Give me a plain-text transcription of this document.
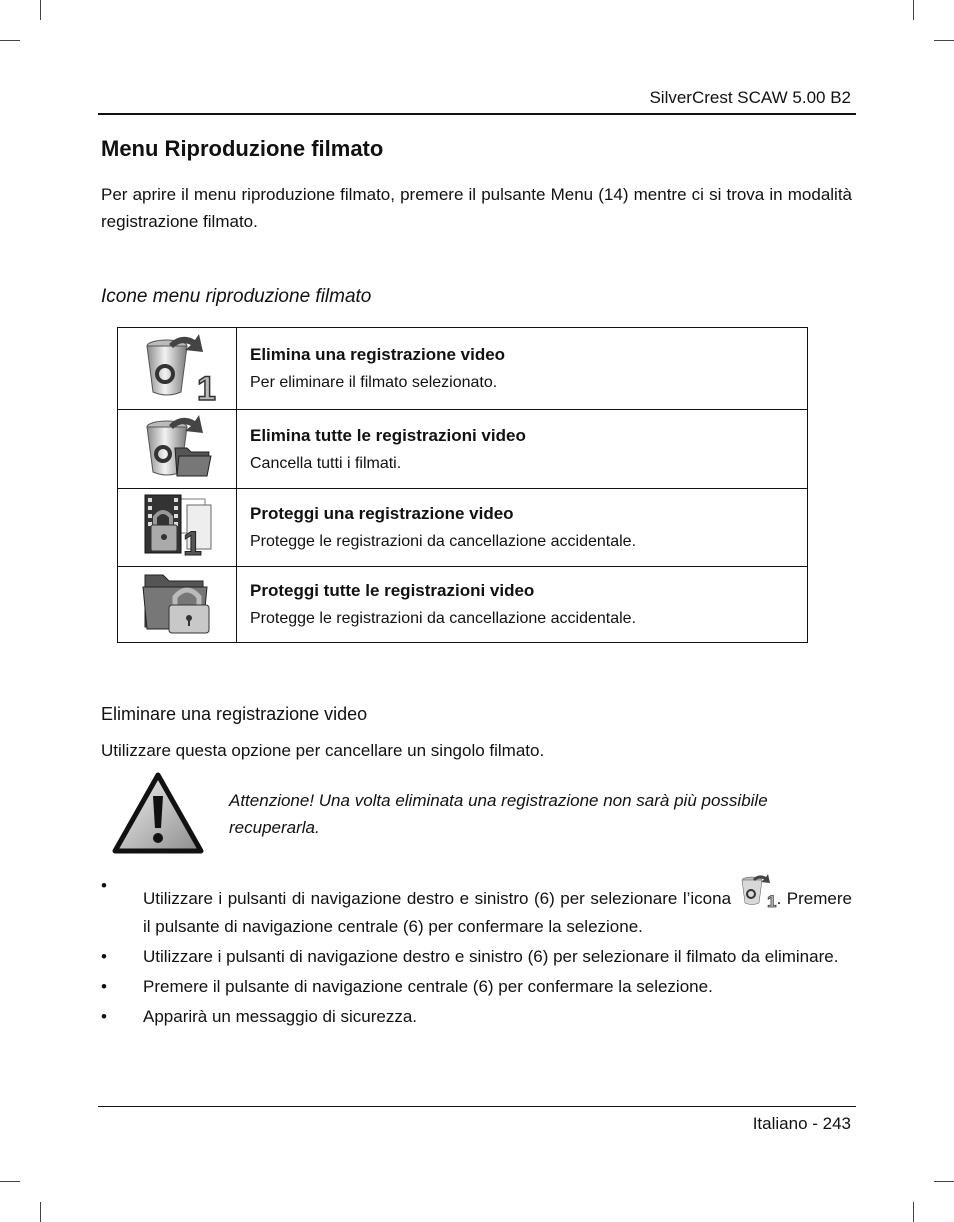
SilverCrest SCAW 5.00 B2
Menu Riproduzione filmato
Per aprire il menu riproduzione filmato, premere il pulsante Menu (14) mentre ci si trova in modalità registrazione filmato.
Icone menu riproduzione filmato
1	Elimina una registrazione video
Per eliminare il filmato selezionato.

Elimina tutte le registrazioni video
Cancella tutti i filmati.

1	Proteggi una registrazione video
Protegge le registrazioni da cancellazione accidentale.

Proteggi tutte le registrazioni video
Protegge le registrazioni da cancellazione accidentale.
Eliminare una registrazione video
Utilizzare questa opzione per cancellare un singolo filmato.
Attenzione! Una volta eliminata una registrazione non sarà più possibile recuperarla.
•
Utilizzare i pulsanti di navigazione destro e sinistro (6) per selezionare l’icona 1 . Premere il pulsante di navigazione centrale (6) per confermare la selezione.
• Utilizzare i pulsanti di navigazione destro e sinistro (6) per selezionare il filmato da eliminare.
• Premere il pulsante di navigazione centrale (6) per confermare la selezione.
• Apparirà un messaggio di sicurezza.
Italiano - 243
